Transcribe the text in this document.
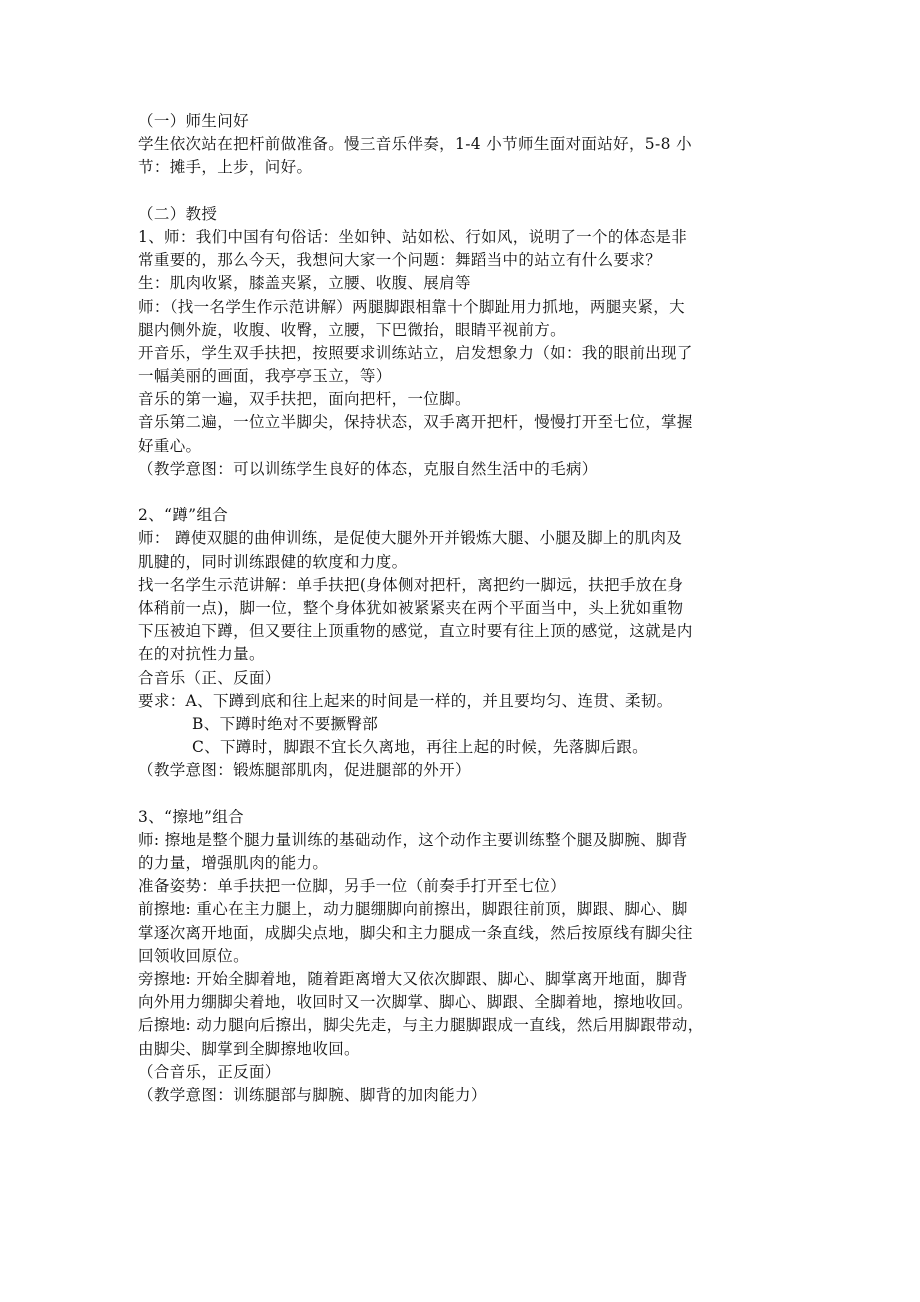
（一）师生问好
学生依次站在把杆前做准备。慢三音乐伴奏，1-4 小节师生面对面站好，5-8 小
节：摊手，上步，问好。
（二）教授
1、师：我们中国有句俗话：坐如钟、站如松、行如风，说明了一个的体态是非
常重要的，那么今天，我想问大家一个问题：舞蹈当中的站立有什么要求？
生：肌肉收紧，膝盖夹紧，立腰、收腹、展肩等
师：（找一名学生作示范讲解）两腿脚跟相靠十个脚趾用力抓地，两腿夹紧，大
腿内侧外旋，收腹、收臀，立腰，下巴微抬，眼睛平视前方。
开音乐，学生双手扶把，按照要求训练站立，启发想象力（如：我的眼前出现了
一幅美丽的画面，我亭亭玉立，等）
音乐的第一遍，双手扶把，面向把杆，一位脚。
音乐第二遍，一位立半脚尖，保持状态，双手离开把杆，慢慢打开至七位，掌握
好重心。
（教学意图：可以训练学生良好的体态，克服自然生活中的毛病）
2、“蹲”组合
师： 蹲使双腿的曲伸训练，是促使大腿外开并锻炼大腿、小腿及脚上的肌肉及
肌腱的，同时训练跟健的软度和力度。
找一名学生示范讲解：单手扶把(身体侧对把杆，离把约一脚远，扶把手放在身
体稍前一点)，脚一位，整个身体犹如被紧紧夹在两个平面当中，头上犹如重物
下压被迫下蹲，但又要往上顶重物的感觉，直立时要有往上顶的感觉，这就是内
在的对抗性力量。
合音乐（正、反面）
要求：A、下蹲到底和往上起来的时间是一样的，并且要均匀、连贯、柔韧。
B、下蹲时绝对不要撅臀部
C、下蹲时，脚跟不宜长久离地，再往上起的时候，先落脚后跟。
（教学意图：锻炼腿部肌肉，促进腿部的外开）
3、“擦地”组合
师: 擦地是整个腿力量训练的基础动作，这个动作主要训练整个腿及脚腕、脚背
的力量，增强肌肉的能力。
准备姿势：单手扶把一位脚，另手一位（前奏手打开至七位）
前擦地: 重心在主力腿上，动力腿绷脚向前擦出，脚跟往前顶，脚跟、脚心、脚
掌逐次离开地面，成脚尖点地，脚尖和主力腿成一条直线，然后按原线有脚尖往
回领收回原位。
旁擦地: 开始全脚着地，随着距离增大又依次脚跟、脚心、脚掌离开地面，脚背
向外用力绷脚尖着地，收回时又一次脚掌、脚心、脚跟、全脚着地，擦地收回。
后擦地: 动力腿向后擦出，脚尖先走，与主力腿脚跟成一直线，然后用脚跟带动，
由脚尖、脚掌到全脚擦地收回。
（合音乐，正反面）
（教学意图：训练腿部与脚腕、脚背的加肉能力）
